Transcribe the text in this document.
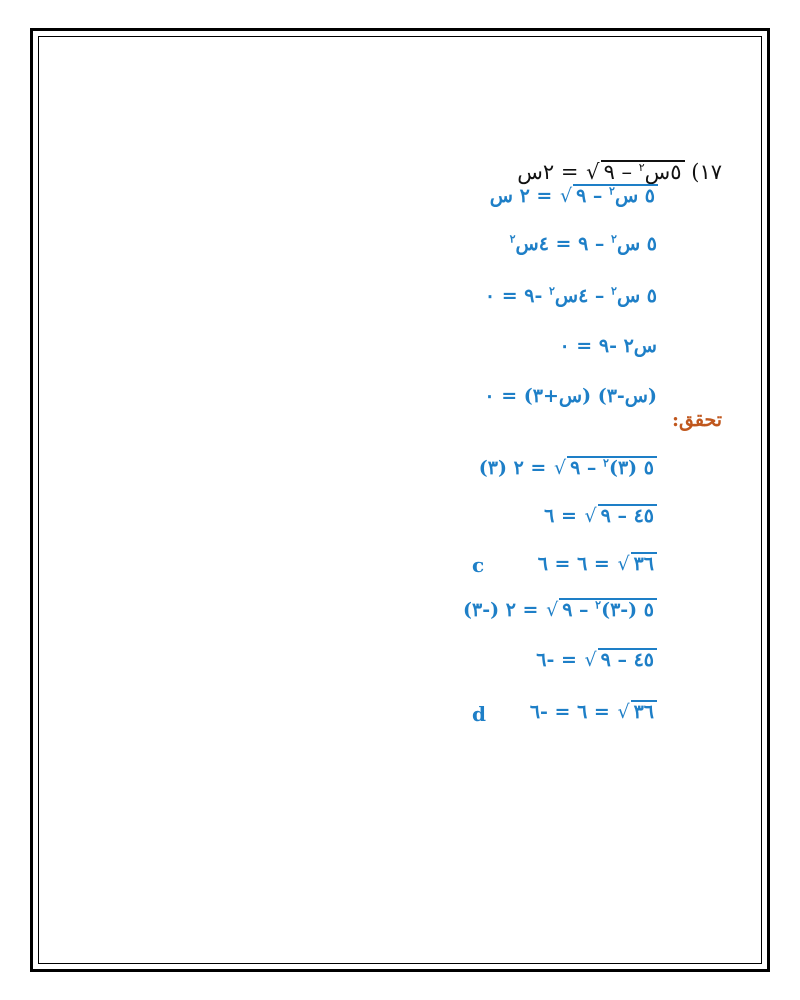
١٧) √ ٥س$^٢$ – ٩ = ٢س
√ ٥ س$^٢$ – ٩ = ٢ س
٥ س$^٢$ – ٩ = ٤س$^٢$
٥ س$^٢$ – ٤س$^٢$ -٩ = ٠
س٢ -٩ = ٠
(س-٣) (س+٣) = ٠
تحقق:
√ ٥ (٣)$^٢$ – ٩ = ٢ (٣)
√ ٤٥ – ٩ = ٦
√ ٣٦ = ٦ = ٦
c
√ ٥ (-٣)$^٢$ – ٩ = ٢ (-٣)
√ ٤٥ – ٩ = -٦
√ ٣٦ = ٦ = -٦
d
